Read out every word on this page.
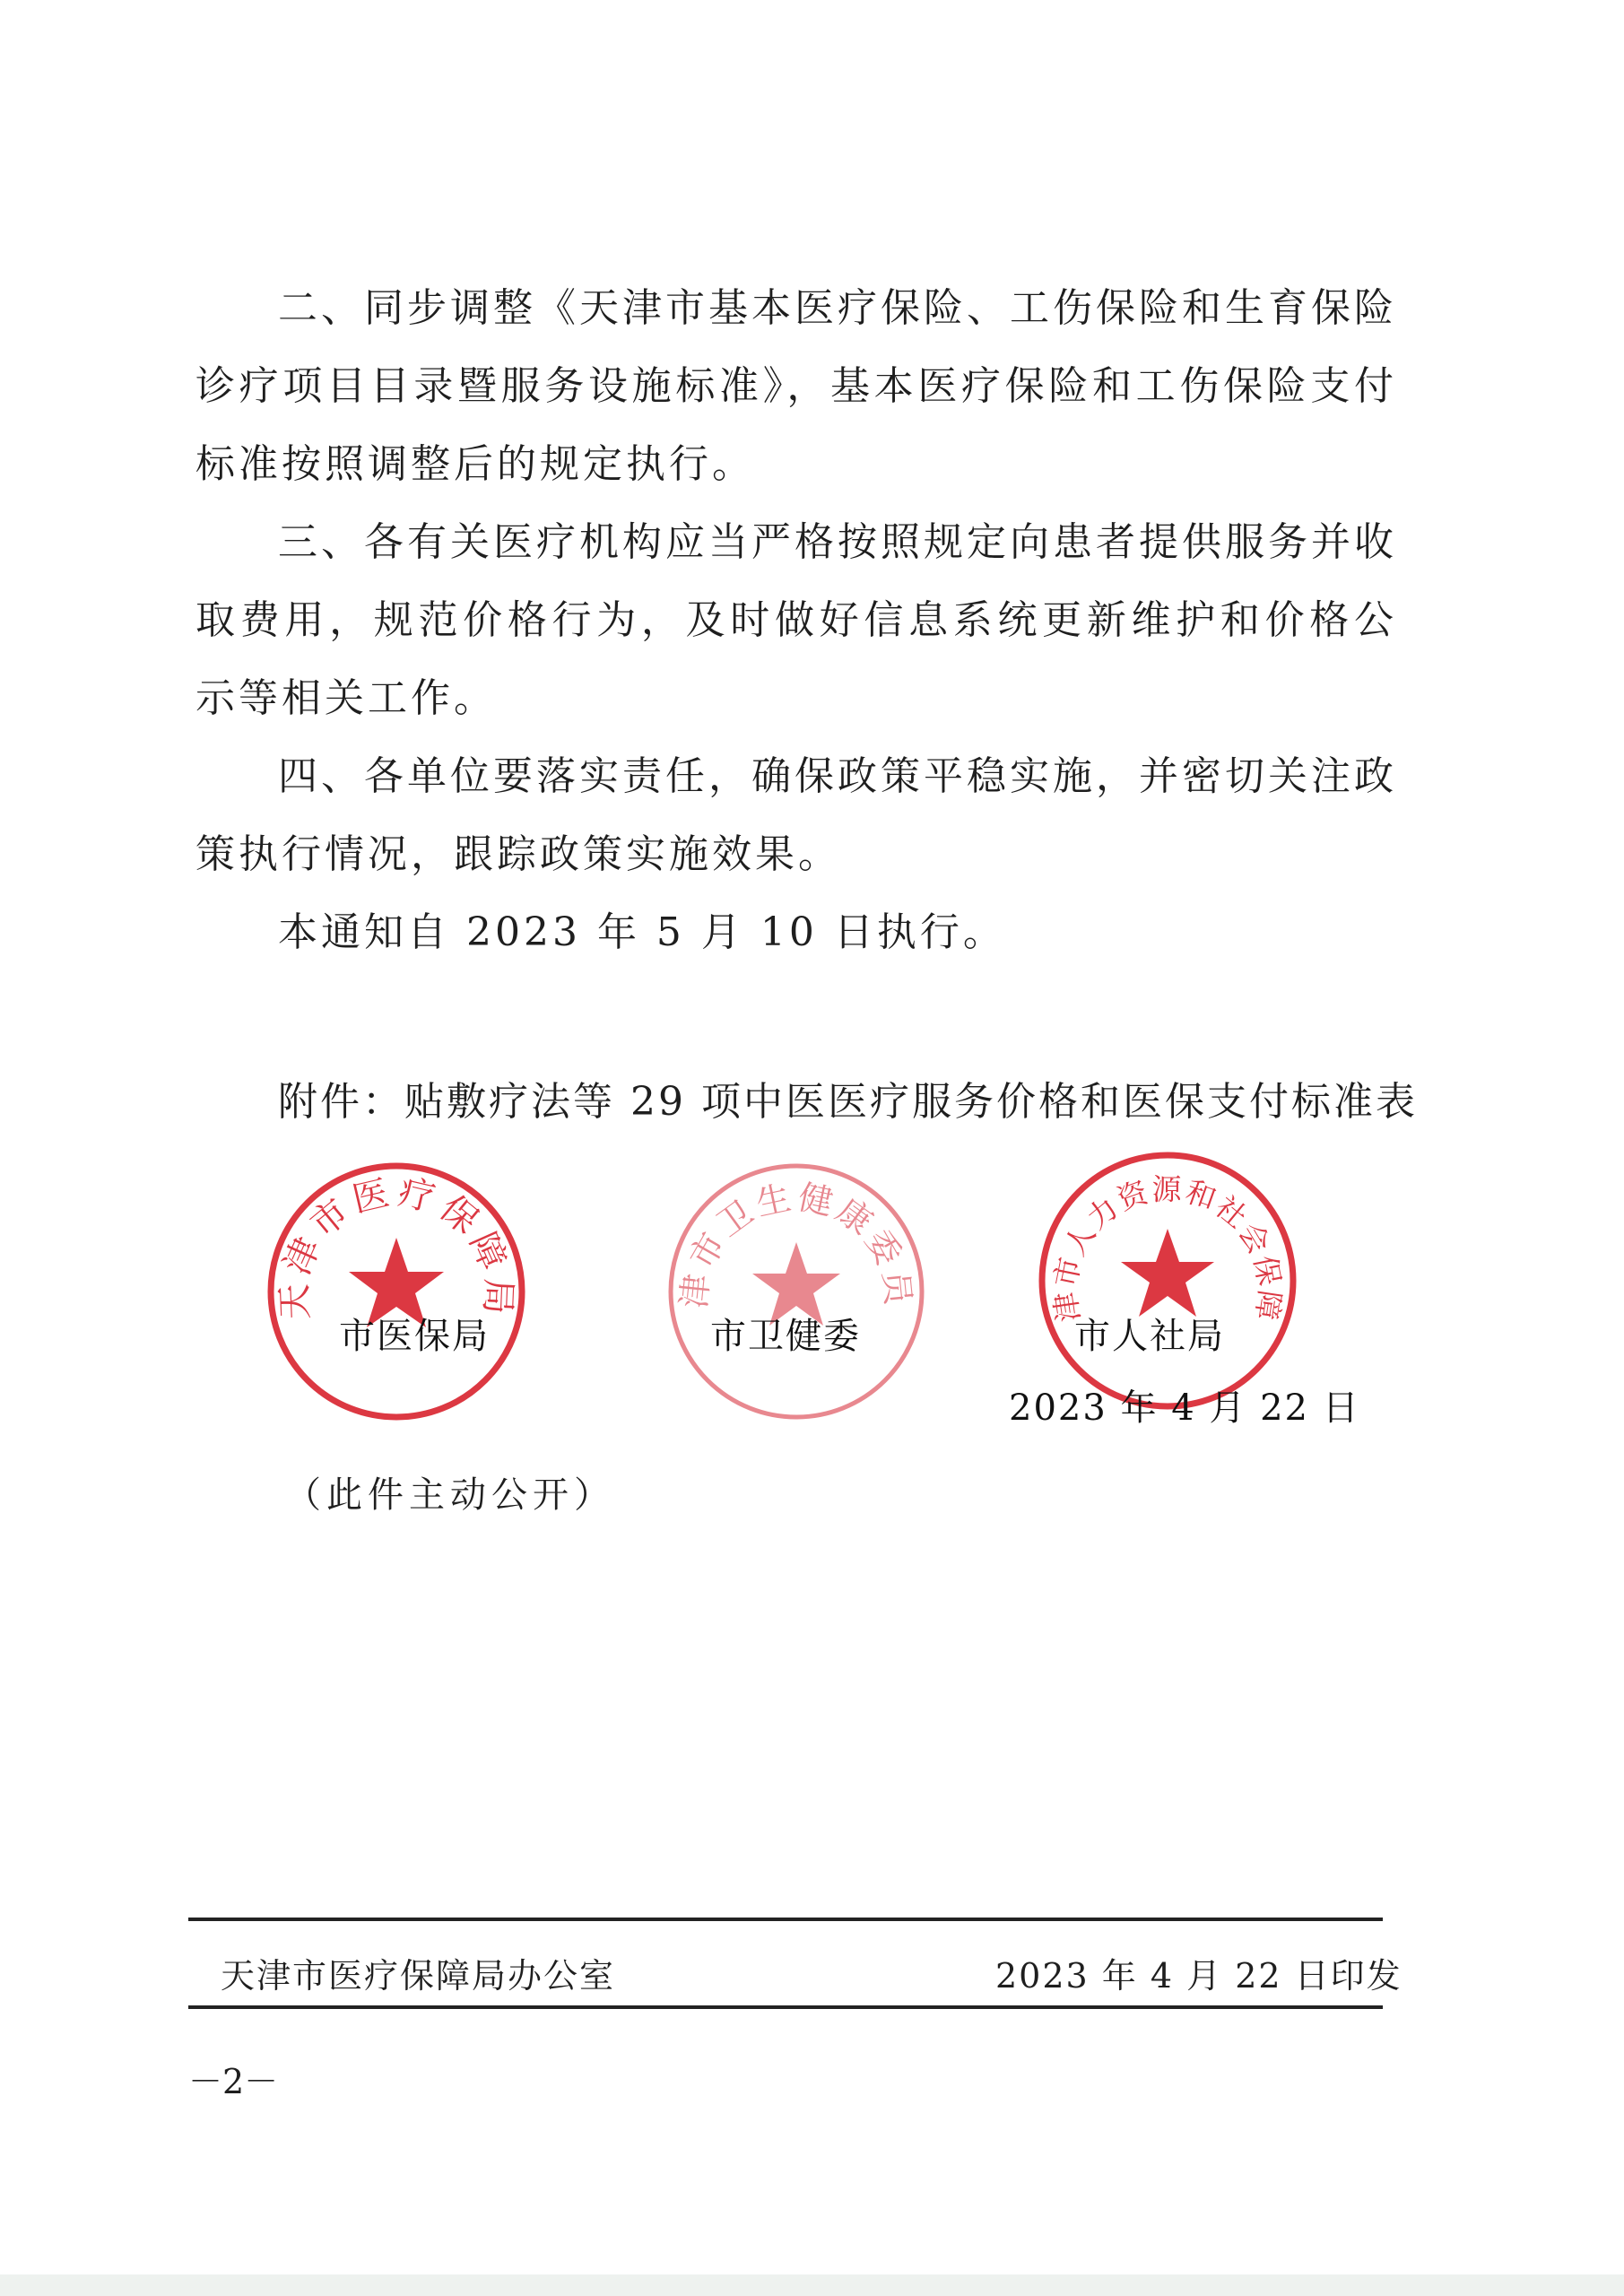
二、同步调整《天津市基本医疗保险、工伤保险和生育保险诊疗项目目录暨服务设施标准》，基本医疗保险和工伤保险支付标准按照调整后的规定执行。

三、各有关医疗机构应当严格按照规定向患者提供服务并收取费用，规范价格行为，及时做好信息系统更新维护和价格公示等相关工作。

四、各单位要落实责任，确保政策平稳实施，并密切关注政策执行情况，跟踪政策实施效果。

本通知自 2023 年 5 月 10 日执行。

附件：贴敷疗法等 29 项中医医疗服务价格和医保支付标准表
天津市医疗保障局	津市卫生健康委员	津市人力资源和社会保障
市医保局	市卫健委	市人社局
2023 年 4 月 22 日
（此件主动公开）
天津市医疗保障局办公室	2023 年 4 月 22 日印发
－2－
